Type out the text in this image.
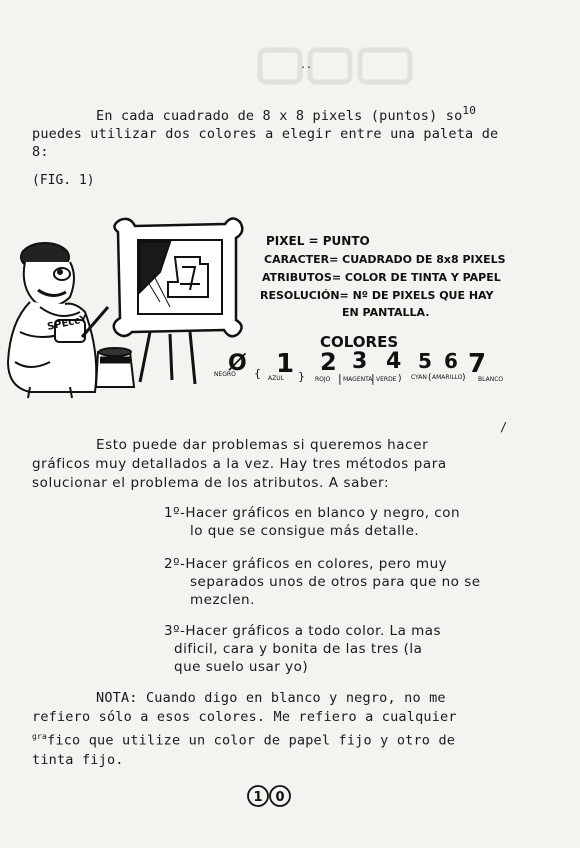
..
En cada cuadrado de 8 x 8 pixels (puntos) $so^{10}$
puedes utilizar dos colores a elegir entre una paleta de
8:
(FIG. 1)
SPEccY
PIXEL = PUNTO
CARACTER= CUADRADO DE 8x8 PIXELS
ATRIBUTOS= COLOR DE TINTA Y PAPEL
RESOLUCIÓN= Nº DE PIXELS QUE HAY
EN PANTALLA.
COLORES
Ø 1 2 3 4 5 6 7
NEGRO { AZUL } ROJO | MAGENTA
| VERDE ) CYAN ( AMARILLO ) BLANCO
/
Esto puede dar problemas si queremos hacer
gráficos muy detallados a la vez. Hay tres métodos para
solucionar el problema de los atributos. A saber:
1º-Hacer gráficos en blanco y negro, con
lo que se consigue más detalle.
2º-Hacer gráficos en colores, pero muy
separados unos de otros para que no se
mezclen.
3º-Hacer gráficos a todo color. La mas
dificil, cara y bonita de las tres (la
que suelo usar yo)
NOTA: Cuando digo en blanco y negro, no me
refiero sólo a esos colores. Me refiero a cualquier
$^{gra}$fico que utilize un color de papel fijo y otro de
tinta fijo.
1 0
